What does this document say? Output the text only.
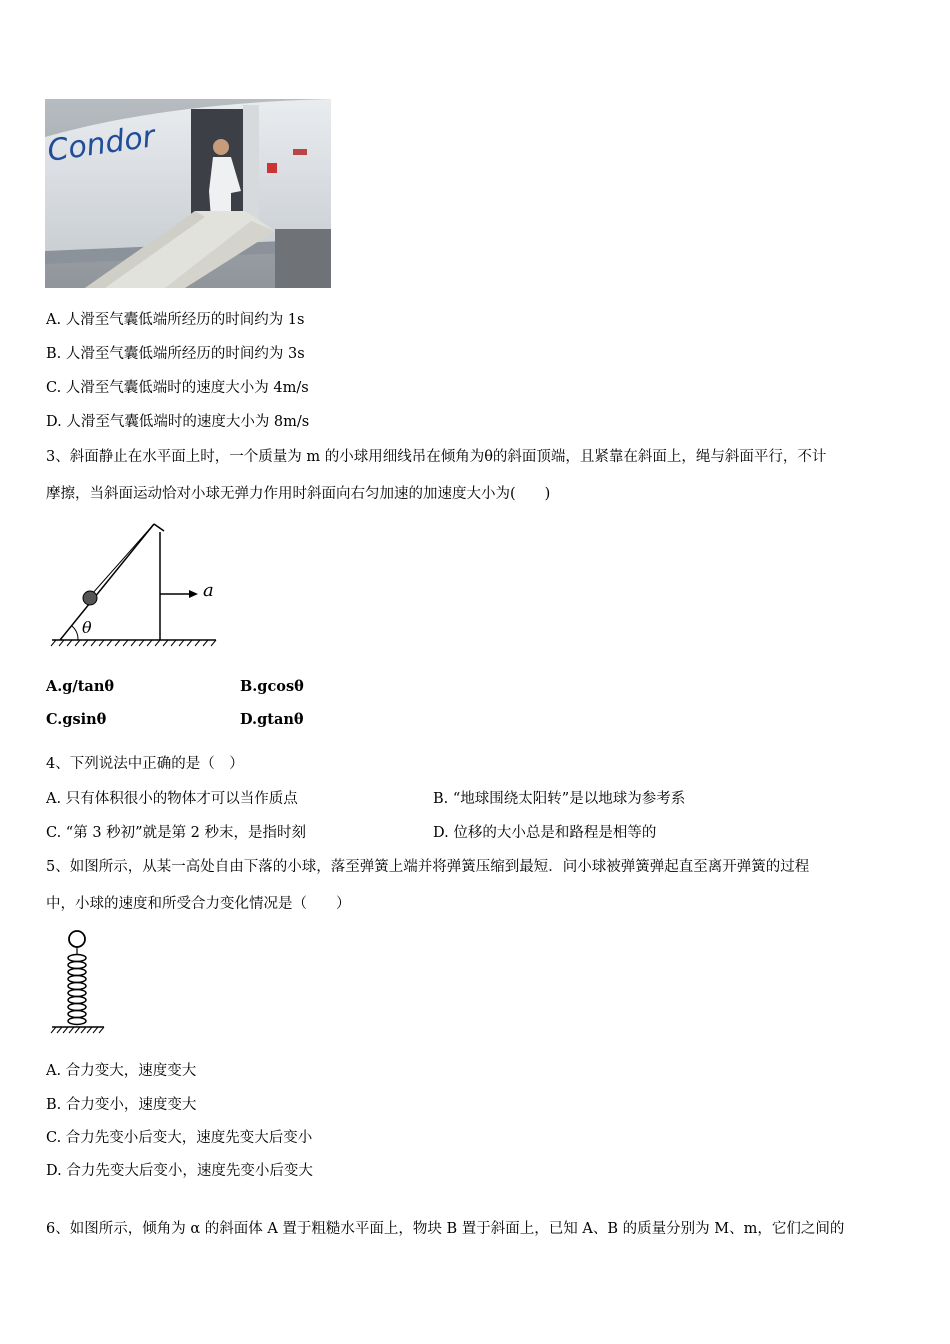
Condor
A. 人滑至气囊低端所经历的时间约为 1s
B. 人滑至气囊低端所经历的时间约为 3s
C. 人滑至气囊低端时的速度大小为 4m/s
D. 人滑至气囊低端时的速度大小为 8m/s
3、斜面静止在水平面上时，一个质量为 m 的小球用细线吊在倾角为θ的斜面顶端，且紧靠在斜面上，绳与斜面平行，不计
摩擦，当斜面运动恰对小球无弹力作用时斜面向右匀加速的加速度大小为(　　)
a
θ
A.g/tanθ	B.gcosθ
C.gsinθ	D.gtanθ
4、下列说法中正确的是（　）
A. 只有体积很小的物体才可以当作质点	B. “地球围绕太阳转”是以地球为参考系
C. “第 3 秒初”就是第 2 秒末，是指时刻	D. 位移的大小总是和路程是相等的
5、如图所示，从某一高处自由下落的小球，落至弹簧上端并将弹簧压缩到最短．问小球被弹簧弹起直至离开弹簧的过程
中，小球的速度和所受合力变化情况是（　　）
A. 合力变大，速度变大
B. 合力变小，速度变大
C. 合力先变小后变大，速度先变大后变小
D. 合力先变大后变小，速度先变小后变大
6、如图所示，倾角为 α 的斜面体 A 置于粗糙水平面上，物块 B 置于斜面上，已知 A、B 的质量分别为 M、m，它们之间的
